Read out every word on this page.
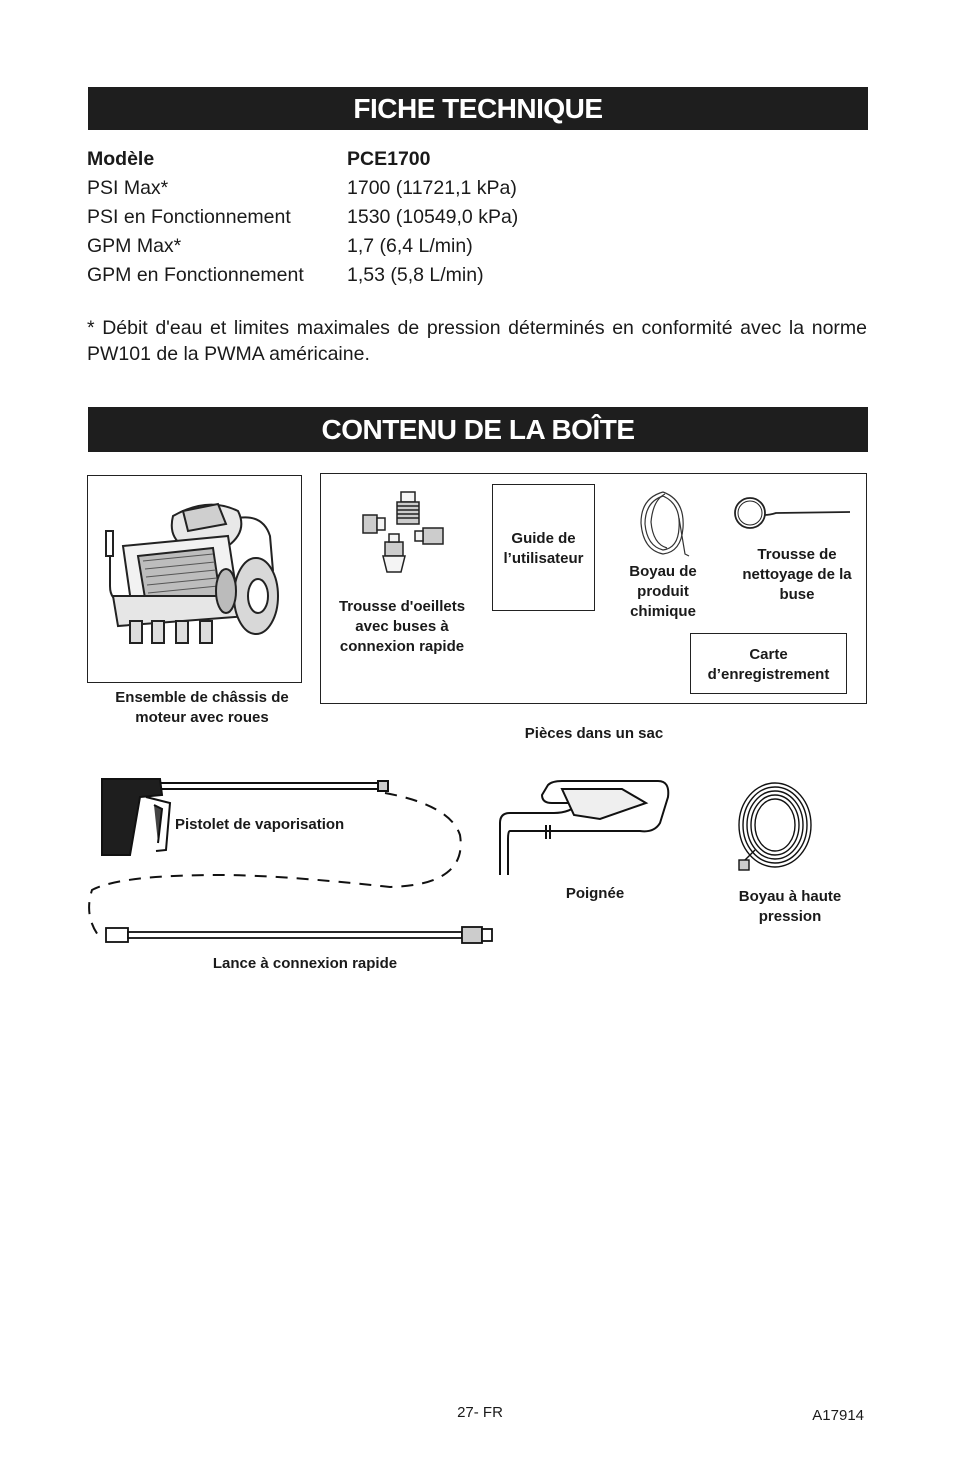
FICHE TECHNIQUE
Modèle	PCE1700
PSI Max*	1700 (11721,1 kPa)
PSI en Fonctionnement	1530 (10549,0 kPa)
GPM Max*	1,7 (6,4 L/min)
GPM en Fonctionnement 1,53 (5,8 L/min)
* Débit d'eau et limites maximales de pression déterminés en conformité avec la norme PW101 de la PWMA américaine.
CONTENU DE LA BOÎTE
Ensemble de châssis de moteur avec roues
Trousse d'oeillets avec buses à connexion rapide
Guide de l’utilisateur
Boyau de produit chimique
Trousse de nettoyage de la buse
Carte d’enregistrement
Pièces dans un sac
Pistolet de vaporisation
Lance à connexion rapide
Poignée	Boyau à haute pression
27- FR	A17914
